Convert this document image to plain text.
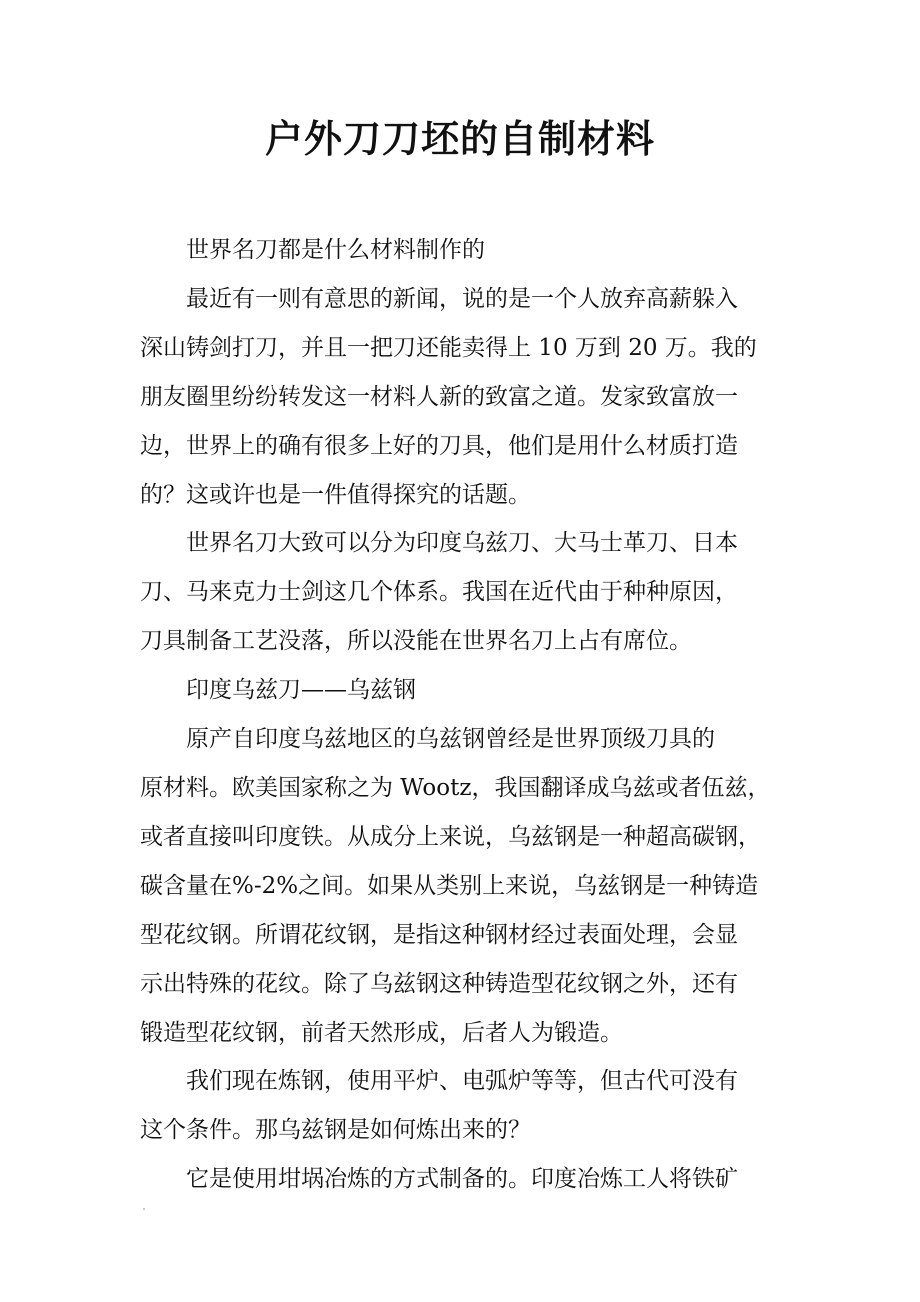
户外刀刀坯的自制材料
世界名刀都是什么材料制作的
最近有一则有意思的新闻，说的是一个人放弃高薪躲入
深山铸剑打刀，并且一把刀还能卖得上 10 万到 20 万。我的
朋友圈里纷纷转发这一材料人新的致富之道。发家致富放一
边，世界上的确有很多上好的刀具，他们是用什么材质打造
的？这或许也是一件值得探究的话题。
世界名刀大致可以分为印度乌兹刀、大马士革刀、日本
刀、马来克力士剑这几个体系。我国在近代由于种种原因，
刀具制备工艺没落，所以没能在世界名刀上占有席位。
印度乌兹刀——乌兹钢
原产自印度乌兹地区的乌兹钢曾经是世界顶级刀具的
原材料。欧美国家称之为 Wootz，我国翻译成乌兹或者伍兹，
或者直接叫印度铁。从成分上来说，乌兹钢是一种超高碳钢，
碳含量在%-2%之间。如果从类别上来说，乌兹钢是一种铸造
型花纹钢。所谓花纹钢，是指这种钢材经过表面处理，会显
示出特殊的花纹。除了乌兹钢这种铸造型花纹钢之外，还有
锻造型花纹钢，前者天然形成，后者人为锻造。
我们现在炼钢，使用平炉、电弧炉等等，但古代可没有
这个条件。那乌兹钢是如何炼出来的？
它是使用坩埚冶炼的方式制备的。印度冶炼工人将铁矿
